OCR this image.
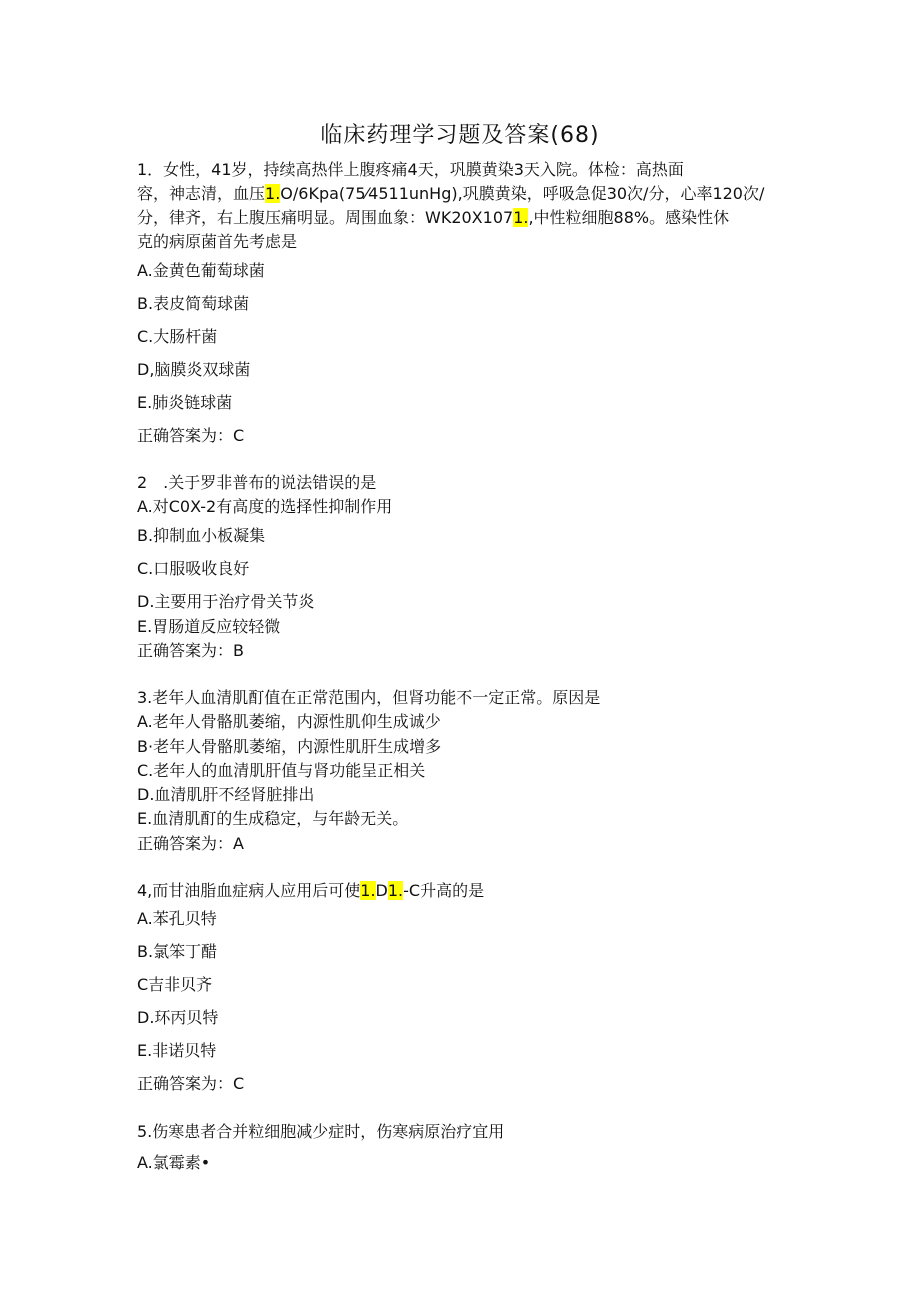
临床药理学习题及答案(68)
1．女性，41岁，持续高热伴上腹疼痛4天，巩膜黄染3天入院。体检：高热面
容，神志清，血压1.O/6Kpa(75⁄4511unHg),巩膜黄染，呼吸急促30次/分，心率120次/
分，律齐，右上腹压痛明显。周围血象：WK20X1071.,中性粒细胞88%。感染性休
克的病原菌首先考虑是
A.金黄色葡萄球菌
B.表皮简萄球菌
C.大肠杆菌
D,脑膜炎双球菌
E.肺炎链球菌
正确答案为：C
2　.关于罗非普布的说法错误的是
A.对C0X-2有高度的选择性抑制作用
B.抑制血小板凝集
C.口服吸收良好
D.主要用于治疗骨关节炎
E.胃肠道反应较轻微
正确答案为：B
3.老年人血清肌酊值在正常范围内，但肾功能不一定正常。原因是
A.老年人骨骼肌萎缩，内源性肌仰生成诚少
B·老年人骨骼肌萎缩，内源性肌肝生成增多
C.老年人的血清肌肝值与肾功能呈正相关
D.血清肌肝不经肾脏排出
E.血清肌酊的生成稳定，与年龄无关。
正确答案为：A
4,而甘油脂血症病人应用后可使1.D1.-C升高的是
A.苯孔贝特
B.氯笨丁醋
C吉非贝齐
D.环丙贝特
E.非诺贝特
正确答案为：C
5.伤寒患者合并粒细胞减少症时，伤寒病原治疗宜用
A.氯霉素•
